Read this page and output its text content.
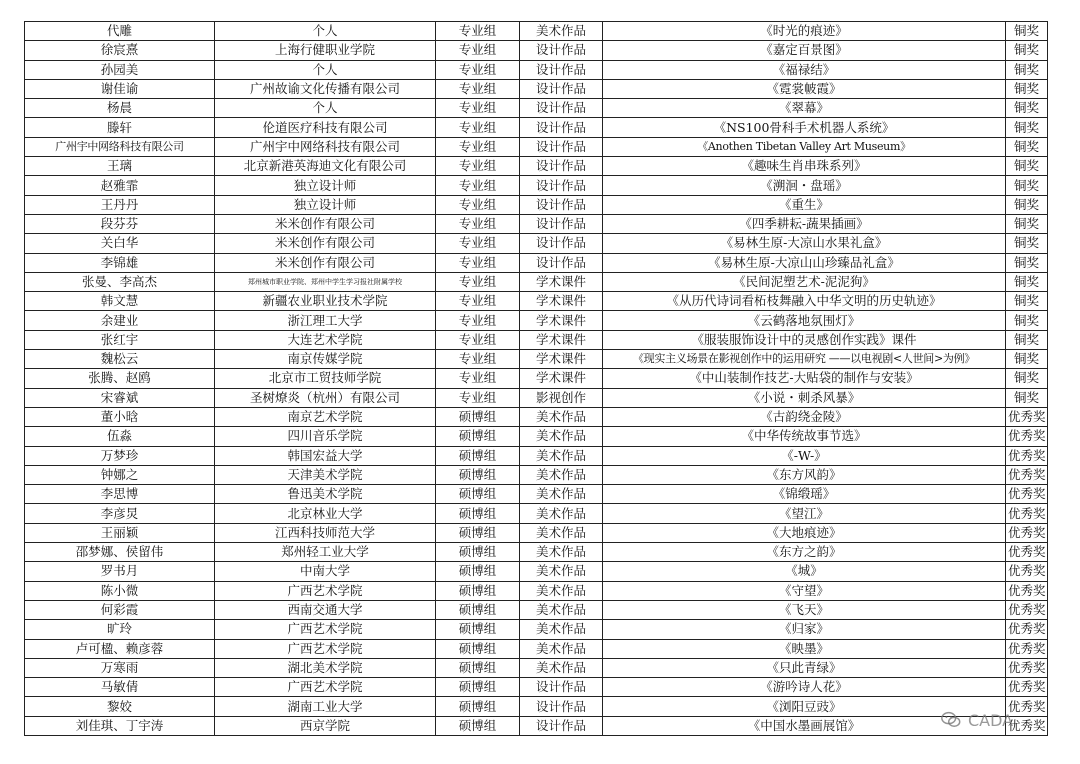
代雕	个人	专业组	美术作品	《时光的痕迹》	铜奖
徐宸熹	上海行健职业学院	专业组	设计作品	《嘉定百景图》	铜奖
孙园美	个人	专业组	设计作品	《福禄结》	铜奖
谢佳谕	广州故谕文化传播有限公司	专业组	设计作品	《霓裳帔霞》	铜奖
杨晨	个人	专业组	设计作品	《翠幕》	铜奖
滕轩	伦道医疗科技有限公司	专业组	设计作品	《NS100骨科手术机器人系统》	铜奖
广州宇中网络科技有限公司	广州宇中网络科技有限公司	专业组	设计作品	《Anothen Tibetan Valley Art Museum》	铜奖
王璃	北京新港英海迪文化有限公司	专业组	设计作品	《趣味生肖串珠系列》	铜奖
赵雅霏	独立设计师	专业组	设计作品	《溯洄・盘瑶》	铜奖
王丹丹	独立设计师	专业组	设计作品	《重生》	铜奖
段芬芬	米米创作有限公司	专业组	设计作品	《四季耕耘-蔬果插画》	铜奖
关白华	米米创作有限公司	专业组	设计作品	《易林生原-大凉山水果礼盒》	铜奖
李锦雄	米米创作有限公司	专业组	设计作品	《易林生原-大凉山山珍臻品礼盒》	铜奖
张曼、李高杰	郑州城市职业学院、郑州中学生学习报社附属学校	专业组	学术课件	《民间泥塑艺术-泥泥狗》	铜奖
韩文慧	新疆农业职业技术学院	专业组	学术课件	《从历代诗词看柘枝舞融入中华文明的历史轨迹》	铜奖
余建业	浙江理工大学	专业组	学术课件	《云鹤落地氛围灯》	铜奖
张红宇	大连艺术学院	专业组	学术课件	《服装服饰设计中的灵感创作实践》课件	铜奖
魏松云	南京传媒学院	专业组	学术课件	《现实主义场景在影视创作中的运用研究 ——以电视剧<人世间>为例》	铜奖
张腾、赵鸥	北京市工贸技师学院	专业组	学术课件	《中山装制作技艺-大贴袋的制作与安装》	铜奖
宋睿斌	圣树燎炎（杭州）有限公司	专业组	影视创作	《小说・刺杀风暴》	铜奖
董小晗	南京艺术学院	硕博组	美术作品	《古韵绕金陵》	优秀奖
伍淼	四川音乐学院	硕博组	美术作品	《中华传统故事节选》	优秀奖
万梦珍	韩国宏益大学	硕博组	美术作品	《-W-》	优秀奖
钟娜之	天津美术学院	硕博组	美术作品	《东方风韵》	优秀奖
李思博	鲁迅美术学院	硕博组	美术作品	《锦缎瑶》	优秀奖
李彦炅	北京林业大学	硕博组	美术作品	《望江》	优秀奖
王丽颖	江西科技师范大学	硕博组	美术作品	《大地痕迹》	优秀奖
邵梦娜、侯留伟	郑州轻工业大学	硕博组	美术作品	《东方之韵》	优秀奖
罗书月	中南大学	硕博组	美术作品	《城》	优秀奖
陈小微	广西艺术学院	硕博组	美术作品	《守望》	优秀奖
何彩霞	西南交通大学	硕博组	美术作品	《飞天》	优秀奖
旷玲	广西艺术学院	硕博组	美术作品	《归家》	优秀奖
卢可楹、赖彦蓉	广西艺术学院	硕博组	美术作品	《映墨》	优秀奖
万寒雨	湖北美术学院	硕博组	美术作品	《只此青绿》	优秀奖
马敏倩	广西艺术学院	硕博组	设计作品	《游吟诗人花》	优秀奖
黎姣	湖南工业大学	硕博组	设计作品	《浏阳豆豉》	优秀奖
刘佳琪、丁宇涛	西京学院	硕博组	设计作品	《中国水墨画展馆》	优秀奖
CADA
